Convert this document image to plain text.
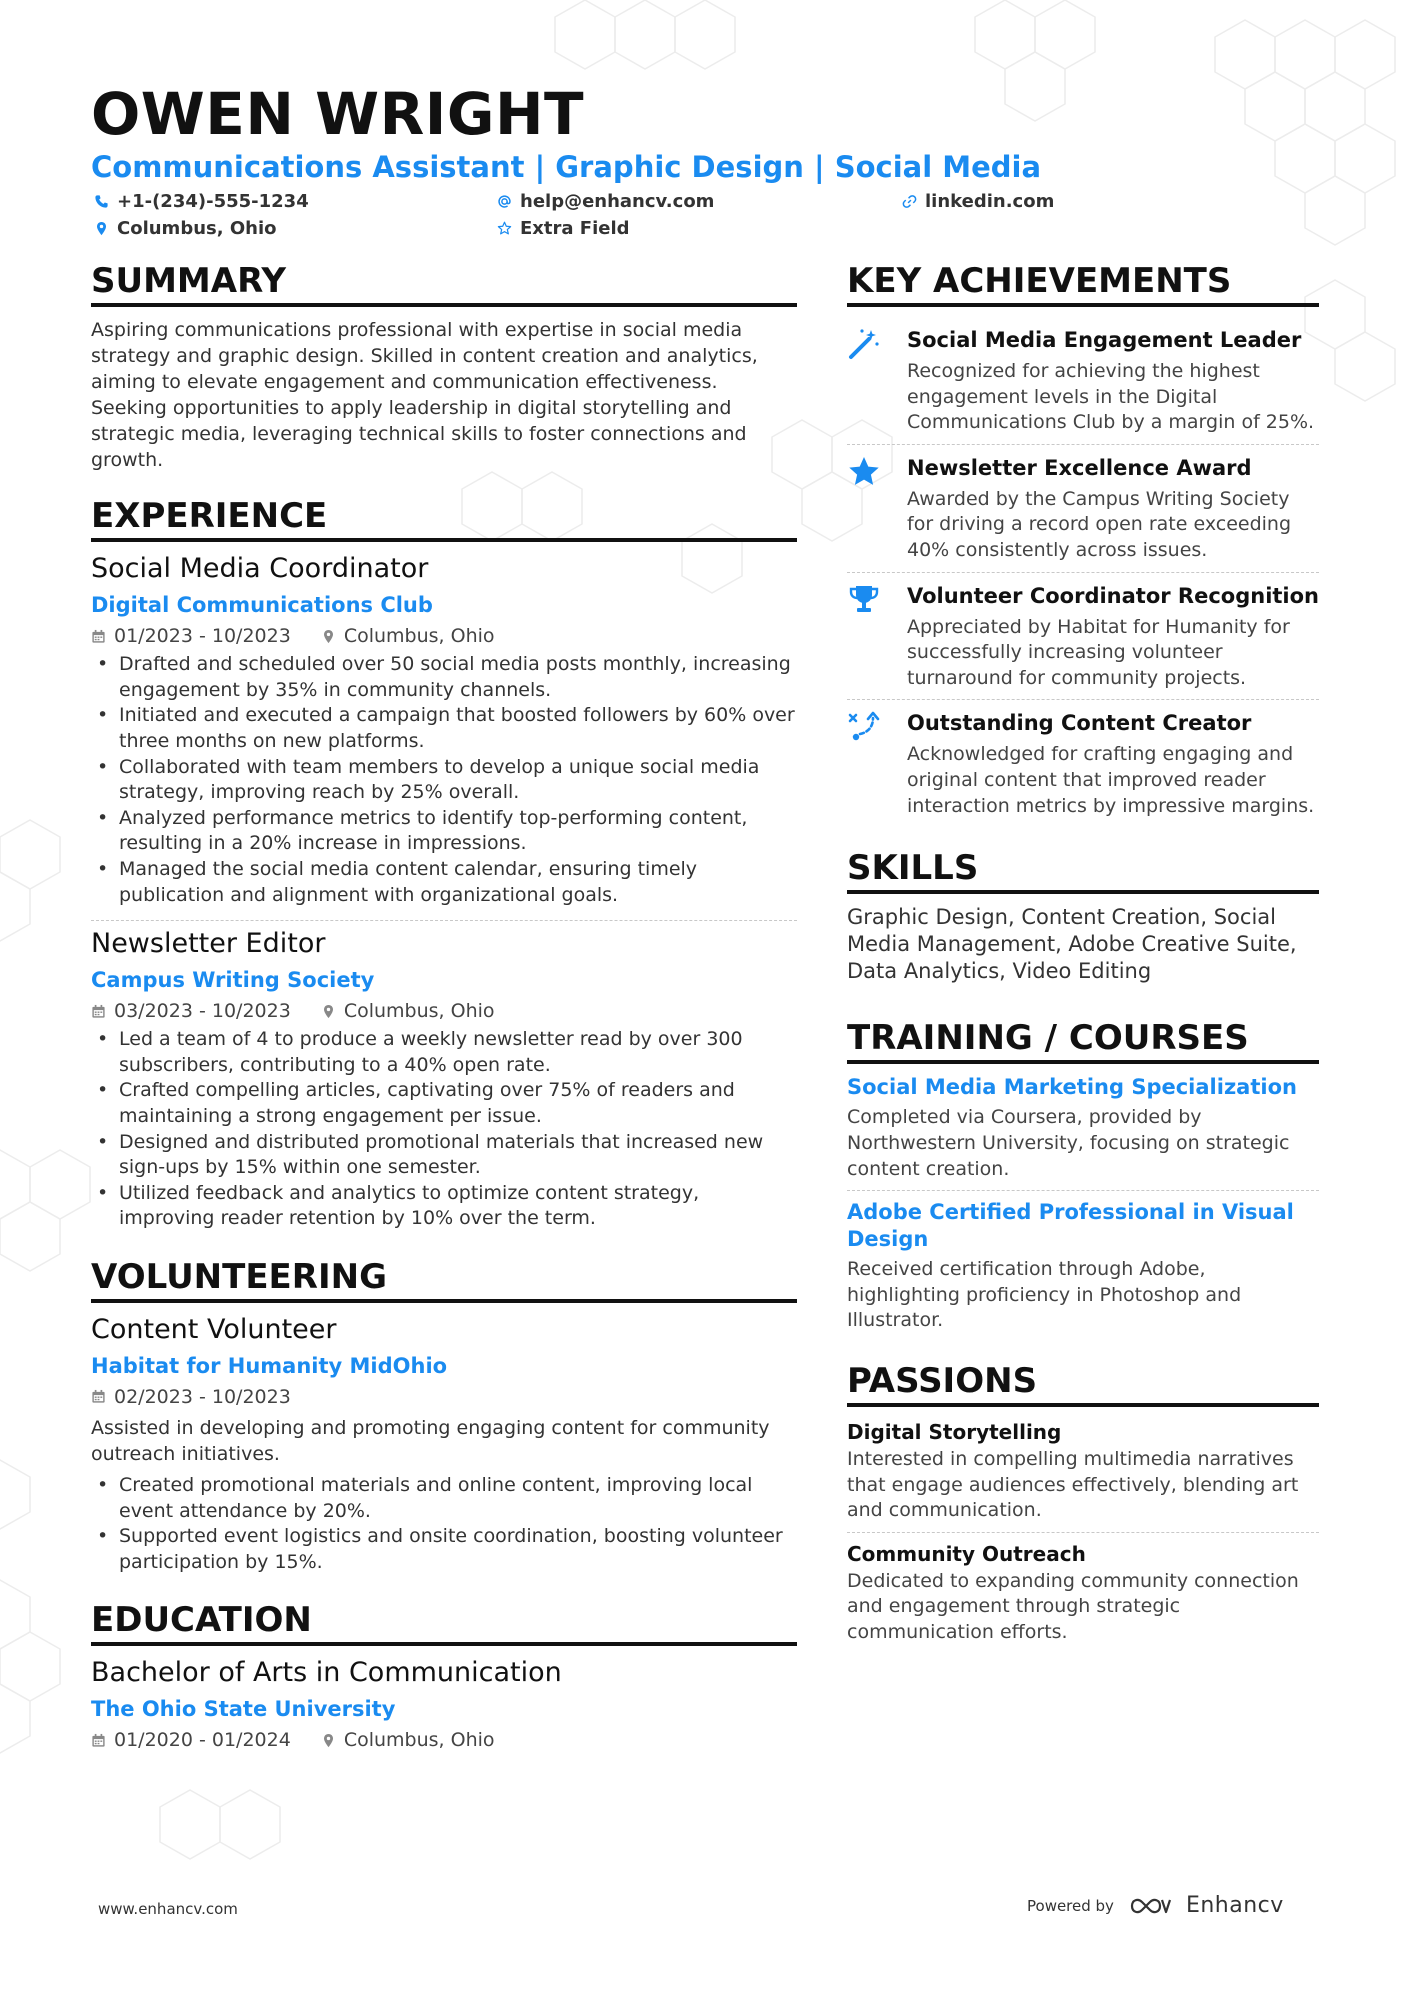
OWEN WRIGHT
Communications Assistant | Graphic Design | Social Media
+1-(234)-555-1234	help@enhancv.com	linkedin.com
Columbus, Ohio	Extra Field
SUMMARY
Aspiring communications professional with expertise in social media strategy and graphic design. Skilled in content creation and analytics, aiming to elevate engagement and communication effectiveness. Seeking opportunities to apply leadership in digital storytelling and strategic media, leveraging technical skills to foster connections and growth.
EXPERIENCE
Social Media Coordinator
Digital Communications Club
01/2023 - 10/2023	Columbus, Ohio
• Drafted and scheduled over 50 social media posts monthly, increasing engagement by 35% in community channels.
• Initiated and executed a campaign that boosted followers by 60% over three months on new platforms.
• Collaborated with team members to develop a unique social media strategy, improving reach by 25% overall.
• Analyzed performance metrics to identify top-performing content, resulting in a 20% increase in impressions.
• Managed the social media content calendar, ensuring timely publication and alignment with organizational goals.
Newsletter Editor
Campus Writing Society
03/2023 - 10/2023	Columbus, Ohio
• Led a team of 4 to produce a weekly newsletter read by over 300 subscribers, contributing to a 40% open rate.
• Crafted compelling articles, captivating over 75% of readers and maintaining a strong engagement per issue.
• Designed and distributed promotional materials that increased new sign-ups by 15% within one semester.
• Utilized feedback and analytics to optimize content strategy, improving reader retention by 10% over the term.
VOLUNTEERING
Content Volunteer
Habitat for Humanity MidOhio
02/2023 - 10/2023
Assisted in developing and promoting engaging content for community outreach initiatives.
• Created promotional materials and online content, improving local event attendance by 20%.
• Supported event logistics and onsite coordination, boosting volunteer participation by 15%.
EDUCATION
Bachelor of Arts in Communication
The Ohio State University
01/2020 - 01/2024	Columbus, Ohio
KEY ACHIEVEMENTS
Social Media Engagement Leader
Recognized for achieving the highest engagement levels in the Digital Communications Club by a margin of 25%.
Newsletter Excellence Award
Awarded by the Campus Writing Society for driving a record open rate exceeding 40% consistently across issues.
Volunteer Coordinator Recognition
Appreciated by Habitat for Humanity for successfully increasing volunteer turnaround for community projects.
Outstanding Content Creator
Acknowledged for crafting engaging and original content that improved reader interaction metrics by impressive margins.
SKILLS
Graphic Design, Content Creation, Social Media Management, Adobe Creative Suite, Data Analytics, Video Editing
TRAINING / COURSES
Social Media Marketing Specialization
Completed via Coursera, provided by Northwestern University, focusing on strategic content creation.
Adobe Certified Professional in Visual Design
Received certification through Adobe, highlighting proficiency in Photoshop and Illustrator.
PASSIONS
Digital Storytelling
Interested in compelling multimedia narratives that engage audiences effectively, blending art and communication.
Community Outreach
Dedicated to expanding community connection and engagement through strategic communication efforts.
www.enhancv.com	Powered by	Enhancv
